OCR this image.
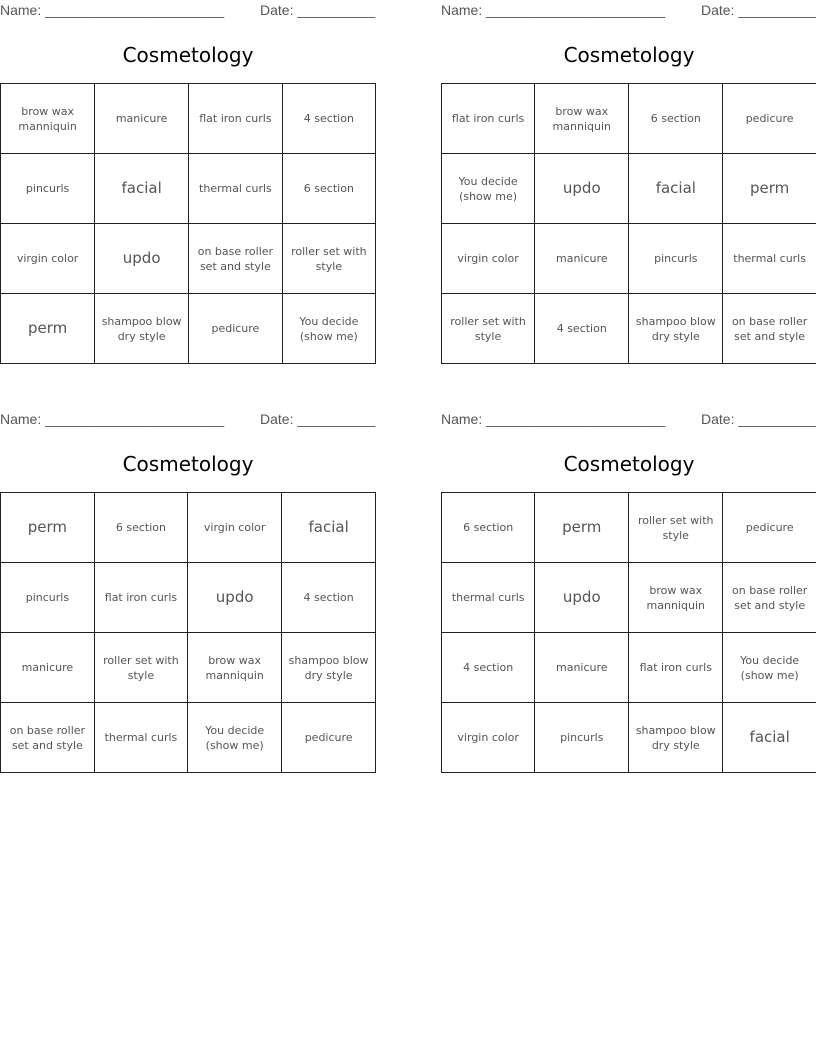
Name: _______________________	Date: __________
Cosmetology
brow wax manniquin	manicure	flat iron curls	4 section
pincurls	facial	thermal curls	6 section
virgin color	updo	on base roller set and style	roller set with style
perm	shampoo blow dry style	pedicure	You decide (show me)
Name: _______________________	Date: __________
Cosmetology
flat iron curls	brow wax manniquin	6 section	pedicure
You decide (show me)	updo	facial	perm
virgin color	manicure	pincurls	thermal curls
roller set with style	4 section	shampoo blow dry style	on base roller set and style
Name: _______________________	Date: __________
Cosmetology
perm	6 section	virgin color	facial
pincurls	flat iron curls	updo	4 section
manicure	roller set with style	brow wax manniquin	shampoo blow dry style
on base roller set and style	thermal curls	You decide (show me)	pedicure
Name: _______________________	Date: __________
Cosmetology
6 section	perm	roller set with style	pedicure
thermal curls	updo	brow wax manniquin	on base roller set and style
4 section	manicure	flat iron curls	You decide (show me)
virgin color	pincurls	shampoo blow dry style	facial
